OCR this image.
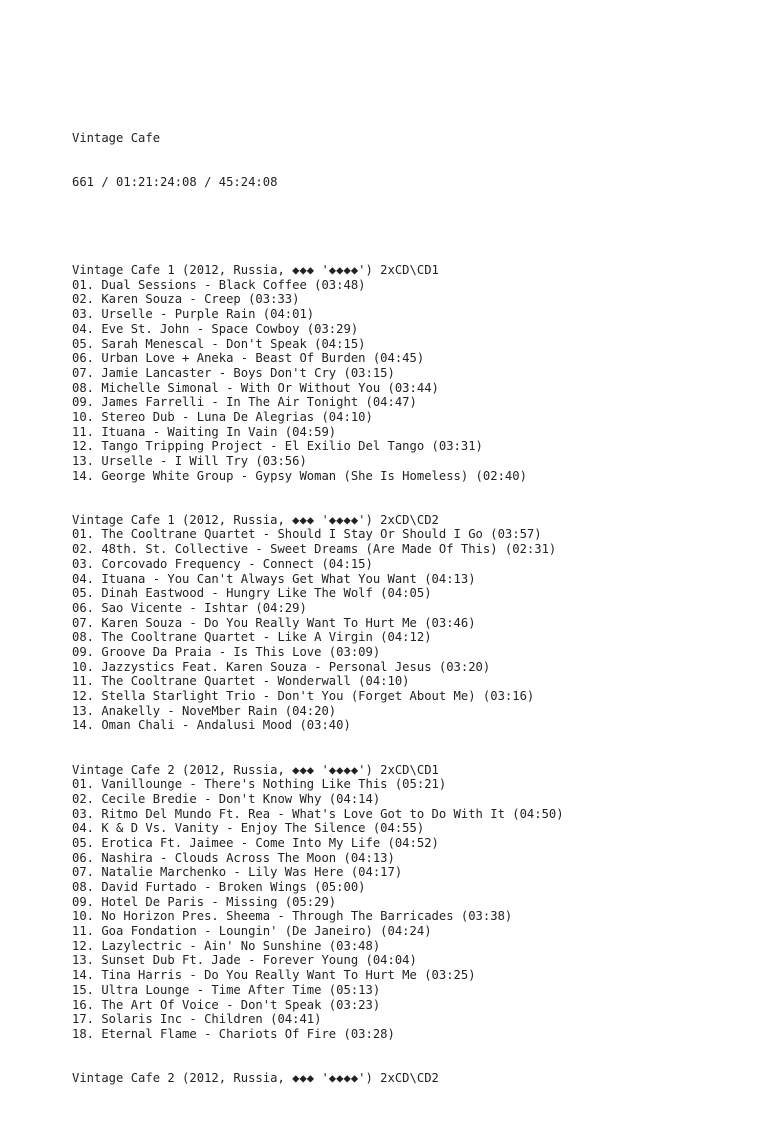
Vintage Cafe

661 / 01:21:24:08 / 45:24:08

Vintage Cafe 1 (2012, Russia, ◆◆◆ '◆◆◆◆') 2xCD\CD1
01. Dual Sessions - Black Coffee (03:48)
02. Karen Souza - Creep (03:33)
03. Urselle - Purple Rain (04:01)
04. Eve St. John - Space Cowboy (03:29)
05. Sarah Menescal - Don't Speak (04:15)
06. Urban Love + Aneka - Beast Of Burden (04:45)
07. Jamie Lancaster - Boys Don't Cry (03:15)
08. Michelle Simonal - With Or Without You (03:44)
09. James Farrelli - In The Air Tonight (04:47)
10. Stereo Dub - Luna De Alegrias (04:10)
11. Ituana - Waiting In Vain (04:59)
12. Tango Tripping Project - El Exilio Del Tango (03:31)
13. Urselle - I Will Try (03:56)
14. George White Group - Gypsy Woman (She Is Homeless) (02:40)
Vintage Cafe 1 (2012, Russia, ◆◆◆ '◆◆◆◆') 2xCD\CD2
01. The Cooltrane Quartet - Should I Stay Or Should I Go (03:57)
02. 48th. St. Collective - Sweet Dreams (Are Made Of This) (02:31)
03. Corcovado Frequency - Connect (04:15)
04. Ituana - You Can't Always Get What You Want (04:13)
05. Dinah Eastwood - Hungry Like The Wolf (04:05)
06. Sao Vicente - Ishtar (04:29)
07. Karen Souza - Do You Really Want To Hurt Me (03:46)
08. The Cooltrane Quartet - Like A Virgin (04:12)
09. Groove Da Praia - Is This Love (03:09)
10. Jazzystics Feat. Karen Souza - Personal Jesus (03:20)
11. The Cooltrane Quartet - Wonderwall (04:10)
12. Stella Starlight Trio - Don't You (Forget About Me) (03:16)
13. Anakelly - NoveMber Rain (04:20)
14. Oman Chali - Andalusi Mood (03:40)
Vintage Cafe 2 (2012, Russia, ◆◆◆ '◆◆◆◆') 2xCD\CD1
01. Vanillounge - There's Nothing Like This (05:21)
02. Cecile Bredie - Don't Know Why (04:14)
03. Ritmo Del Mundo Ft. Rea - What's Love Got to Do With It (04:50)
04. K & D Vs. Vanity - Enjoy The Silence (04:55)
05. Erotica Ft. Jaimee - Come Into My Life (04:52)
06. Nashira - Clouds Across The Moon (04:13)
07. Natalie Marchenko - Lily Was Here (04:17)
08. David Furtado - Broken Wings (05:00)
09. Hotel De Paris - Missing (05:29)
10. No Horizon Pres. Sheema - Through The Barricades (03:38)
11. Goa Fondation - Loungin' (De Janeiro) (04:24)
12. Lazylectric - Ain' No Sunshine (03:48)
13. Sunset Dub Ft. Jade - Forever Young (04:04)
14. Tina Harris - Do You Really Want To Hurt Me (03:25)
15. Ultra Lounge - Time After Time (05:13)
16. The Art Of Voice - Don't Speak (03:23)
17. Solaris Inc - Children (04:41)
18. Eternal Flame - Chariots Of Fire (03:28)
Vintage Cafe 2 (2012, Russia, ◆◆◆ '◆◆◆◆') 2xCD\CD2
